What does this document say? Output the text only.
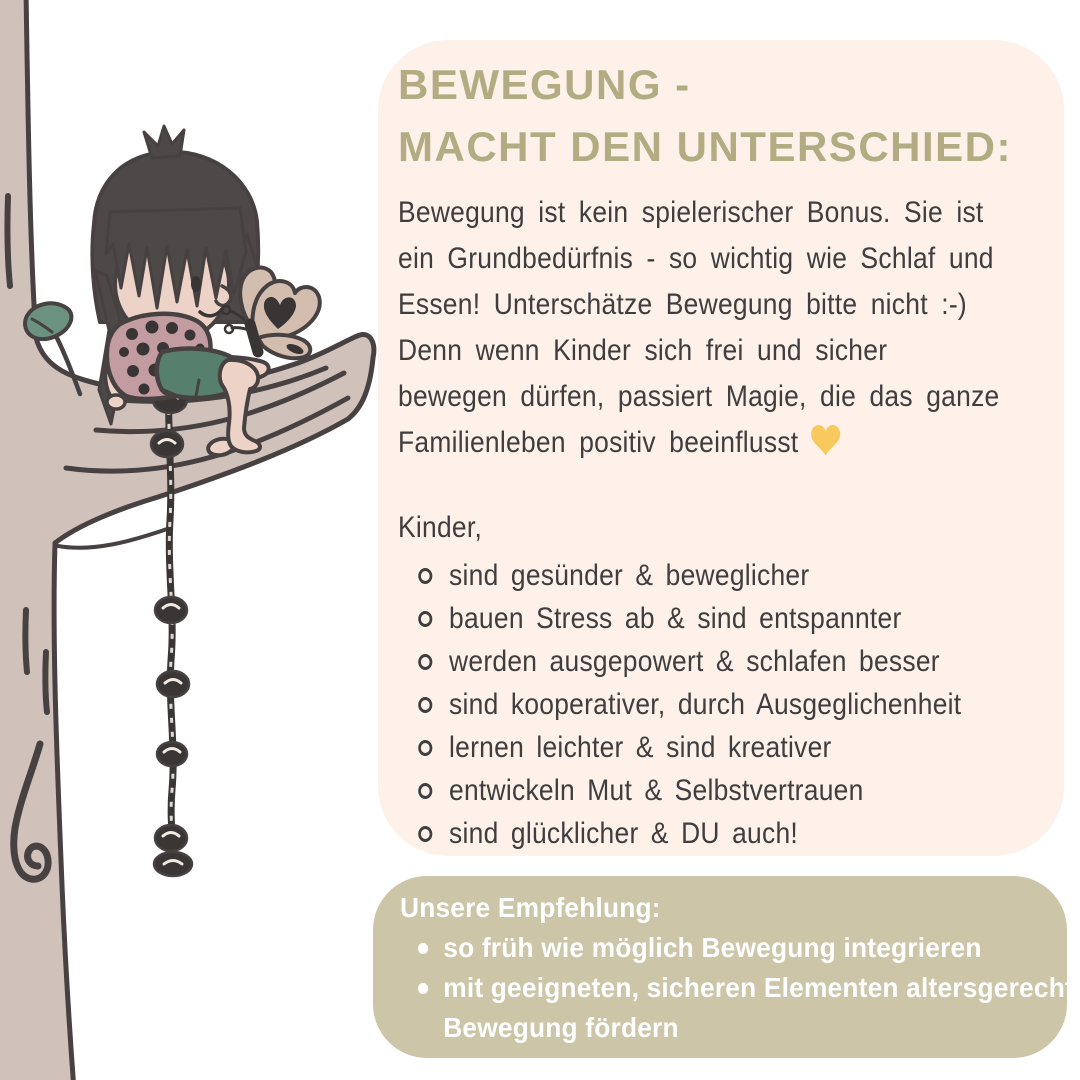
BEWEGUNG -
MACHT DEN UNTERSCHIED:
Bewegung ist kein spielerischer Bonus. Sie ist
ein Grundbedürfnis - so wichtig wie Schlaf und
Essen! Unterschätze Bewegung bitte nicht :-)
Denn wenn Kinder sich frei und sicher
bewegen dürfen, passiert Magie, die das ganze
Familienleben positiv beeinflusst
Kinder,
sind gesünder & beweglicher
bauen Stress ab & sind entspannter
werden ausgepowert & schlafen besser
sind kooperativer, durch Ausgeglichenheit
lernen leichter & sind kreativer
entwickeln Mut & Selbstvertrauen
sind glücklicher & DU auch!
Unsere Empfehlung:
so früh wie möglich Bewegung integrieren
mit geeigneten, sicheren Elementen altersgerecht Bewegung fördern
